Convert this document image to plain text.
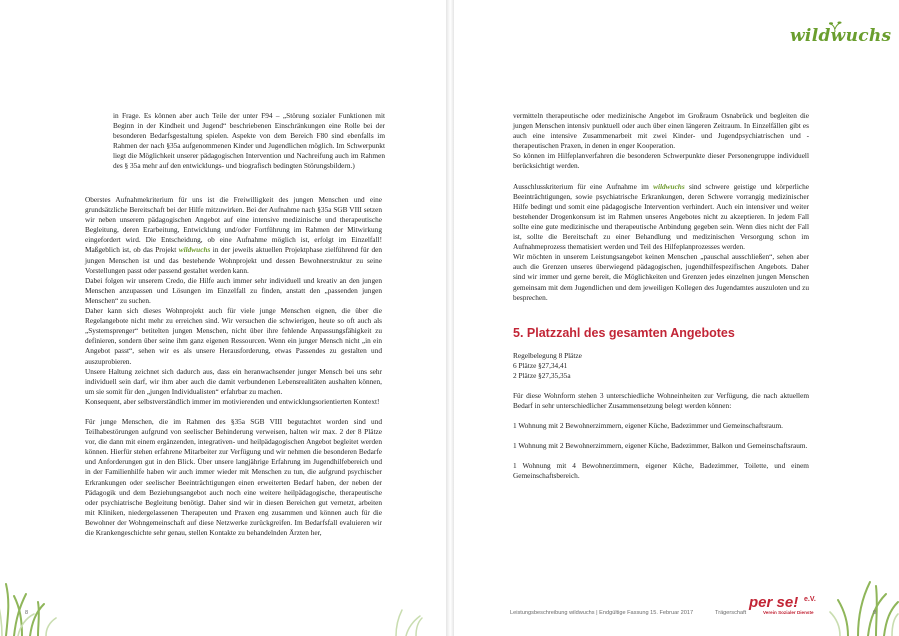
in Frage. Es können aber auch Teile der unter F94 – „Störung sozialer Funktionen mit Beginn in der Kindheit und Jugend“ beschriebenen Einschränkungen eine Rolle bei der besonderen Bedarfsgestaltung spielen. Aspekte von dem Bereich F80 sind ebenfalls im Rahmen der nach §35a aufgenommenen Kinder und Jugendlichen möglich. Im Schwerpunkt liegt die Möglichkeit unserer pädagogischen Intervention und Nachreifung auch im Rahmen des § 35a mehr auf den entwicklungs- und biografisch bedingten Störungsbildern.)

Oberstes Aufnahmekriterium für uns ist die Freiwilligkeit des jungen Menschen und eine grundsätzliche Bereitschaft bei der Hilfe mitzuwirken. Bei der Aufnahme nach §35a SGB VIII setzen wir neben unserem pädagogischen Angebot auf eine intensive medizinische und therapeutische Begleitung, deren Erarbeitung, Entwicklung und/oder Fortführung im Rahmen der Mitwirkung eingefordert wird. Die Entscheidung, ob eine Aufnahme möglich ist, erfolgt im Einzelfall! Maßgeblich ist, ob das Projekt wildwuchs in der jeweils aktuellen Projektphase zielführend für den jungen Menschen ist und das bestehende Wohnprojekt und dessen Bewohnerstruktur zu seine Vorstellungen passt oder passend gestaltet werden kann.

Dabei folgen wir unserem Credo, die Hilfe auch immer sehr individuell und kreativ an den jungen Menschen anzupassen und Lösungen im Einzelfall zu finden, anstatt den „passenden jungen Menschen“ zu suchen.

Daher kann sich dieses Wohnprojekt auch für viele junge Menschen eignen, die über die Regelangebote nicht mehr zu erreichen sind. Wir versuchen die schwierigen, heute so oft auch als „Systemsprenger“ betitelten jungen Menschen, nicht über ihre fehlende Anpassungsfähigkeit zu definieren, sondern über seine ihm ganz eigenen Ressourcen. Wenn ein junger Mensch nicht „in ein Angebot passt“, sehen wir es als unsere Herausforderung, etwas Passendes zu gestalten und auszuprobieren.

Unsere Haltung zeichnet sich dadurch aus, dass ein heranwachsender junger Mensch bei uns sehr individuell sein darf, wir ihm aber auch die damit verbundenen Lebensrealitäten aushalten können, um sie somit für den „jungen Individualisten“ erfahrbar zu machen.

Konsequent, aber selbstverständlich immer im motivierenden und entwicklungsorientierten Kontext!

Für junge Menschen, die im Rahmen des §35a SGB VIII begutachtet worden sind und Teilhabestörungen aufgrund von seelischer Behinderung verweisen, halten wir max. 2 der 8 Plätze vor, die dann mit einem ergänzenden, integrativen- und heilpädagogischen Angebot begleitet werden können. Hierfür stehen erfahrene Mitarbeiter zur Verfügung und wir nehmen die besonderen Bedarfe und Anforderungen gut in den Blick. Über unsere langjährige Erfahrung im Jugendhilfebereich und in der Familienhilfe haben wir auch immer wieder mit Menschen zu tun, die aufgrund psychischer Erkrankungen oder seelischer Beeinträchtigungen einen erweiterten Bedarf haben, der neben der Pädagogik und dem Beziehungsangebot auch noch eine weitere heilpädagogische, therapeutische oder psychiatrische Begleitung benötigt. Daher sind wir in diesen Bereichen gut vernetzt, arbeiten mit Kliniken, niedergelassenen Therapeuten und Praxen eng zusammen und können auch für die Bewohner der Wohngemeinschaft auf diese Netzwerke zurückgreifen. Im Bedarfsfall evaluieren wir die Krankengeschichte sehr genau, stellen Kontakte zu behandelnden Ärzten her,

vermitteln therapeutische oder medizinische Angebot im Großraum Osnabrück und begleiten die jungen Menschen intensiv punktuell oder auch über einen längeren Zeitraum. In Einzelfällen gibt es auch eine intensive Zusammenarbeit mit zwei Kinder- und Jugendpsychiatrischen und -therapeutischen Praxen, in denen in enger Kooperation.

So können im Hilfeplanverfahren die besonderen Schwerpunkte dieser Personengruppe individuell berücksichtigt werden.

Ausschlusskriterium für eine Aufnahme im wildwuchs sind schwere geistige und körperliche Beeinträchtigungen, sowie psychiatrische Erkrankungen, deren Schwere vorrangig medizinischer Hilfe bedingt und somit eine pädagogische Intervention verhindert. Auch ein intensiver und weiter bestehender Drogenkonsum ist im Rahmen unseres Angebotes nicht zu akzeptieren. In jedem Fall sollte eine gute medizinische und therapeutische Anbindung gegeben sein. Wenn dies nicht der Fall ist, sollte die Bereitschaft zu einer Behandlung und medizinischen Versorgung schon im Aufnahmeprozess thematisiert werden und Teil des Hilfeplanprozesses werden.

Wir möchten in unserem Leistungsangebot keinen Menschen „pauschal ausschließen“, sehen aber auch die Grenzen unseres überwiegend pädagogischen, jugendhilfespezifischen Angebots. Daher sind wir immer und gerne bereit, die Möglichkeiten und Grenzen jedes einzelnen jungen Menschen gemeinsam mit dem Jugendlichen und dem jeweiligen Kollegen des Jugendamtes auszuloten und zu besprechen.

5. Platzzahl des gesamten Angebotes

Regelbelegung 8 Plätze

6 Plätze §27,34,41

2 Plätze §27,35,35a

Für diese Wohnform stehen 3 unterschiedliche Wohneinheiten zur Verfügung, die nach aktuellem Bedarf in sehr unterschiedlicher Zusammensetzung belegt werden können:

1 Wohnung mit 2 Bewohnerzimmern, eigener Küche, Badezimmer und Gemeinschaftsraum.

1 Wohnung mit 2 Bewohnerzimmern, eigener Küche, Badezimmer, Balkon und Gemeinschaftsraum.

1 Wohnung mit 4 Bewohnerzimmern, eigener Küche, Badezimmer, Toilette, und einem Gemeinschaftsbereich.

wildwuchs
8	Leistungsbeschreibung wildwuchs | Endgültige Fassung 15. Februar 2017	Trägerschaft
per se! e.V.
Verein Sozialer Dienste	9
